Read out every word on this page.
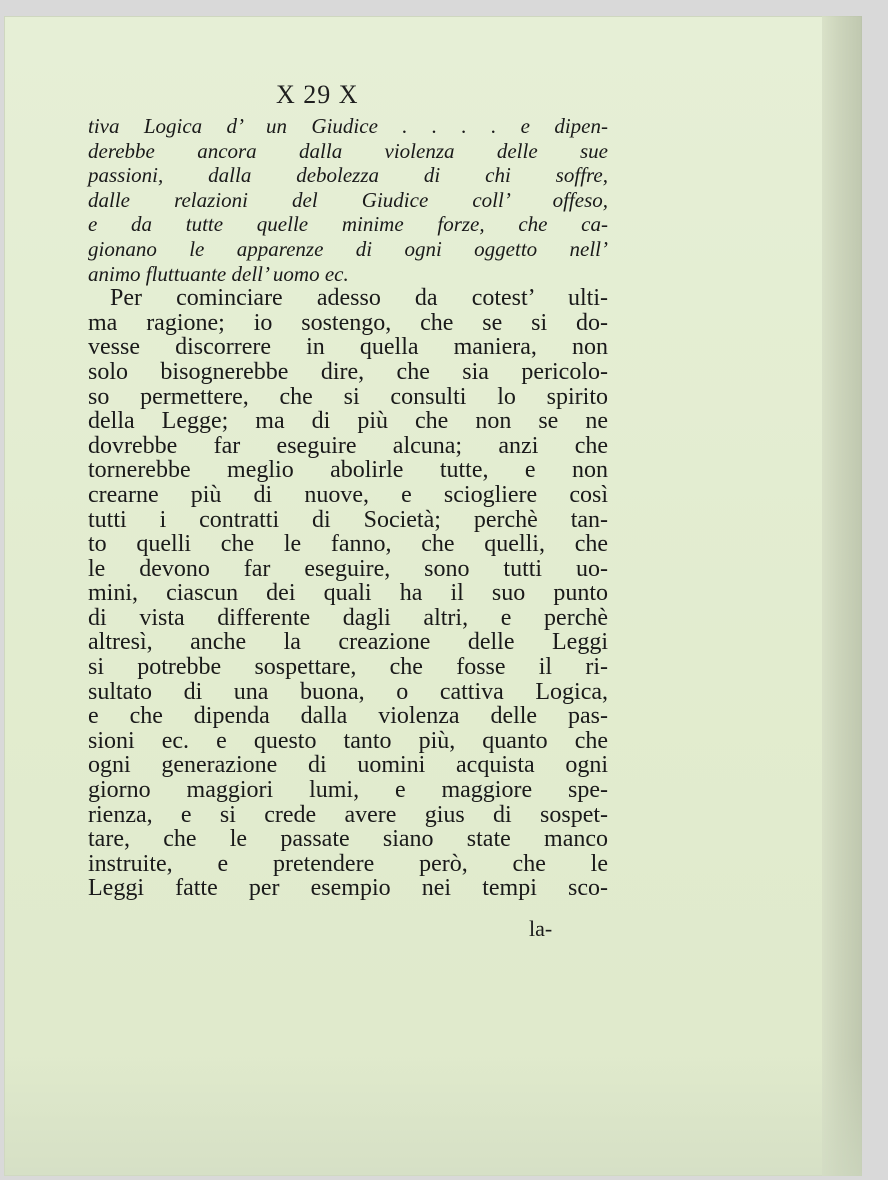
X 29 X
tiva Logica d’ un Giudice . . . . e dipen-
derebbe ancora dalla violenza delle sue
passioni, dalla debolezza di chi soffre,
dalle relazioni del Giudice coll’ offeso,
e da tutte quelle minime forze, che ca-
gionano le apparenze di ogni oggetto nell’
animo fluttuante dell’ uomo ec.
Per cominciare adesso da cotest’ ulti-
ma ragione; io sostengo, che se si do-
vesse discorrere in quella maniera, non
solo bisognerebbe dire, che sia pericolo-
so permettere, che si consulti lo spirito
della Legge; ma di più che non se ne
dovrebbe far eseguire alcuna; anzi che
tornerebbe meglio abolirle tutte, e non
crearne più di nuove, e sciogliere così
tutti i contratti di Società; perchè tan-
to quelli che le fanno, che quelli, che
le devono far eseguire, sono tutti uo-
mini, ciascun dei quali ha il suo punto
di vista differente dagli altri, e perchè
altresì, anche la creazione delle Leggi
si potrebbe sospettare, che fosse il ri-
sultato di una buona, o cattiva Logica,
e che dipenda dalla violenza delle pas-
sioni ec. e questo tanto più, quanto che
ogni generazione di uomini acquista ogni
giorno maggiori lumi, e maggiore spe-
rienza, e si crede avere gius di sospet-
tare, che le passate siano state manco
instruite, e pretendere però, che le
Leggi fatte per esempio nei tempi sco-
la-
